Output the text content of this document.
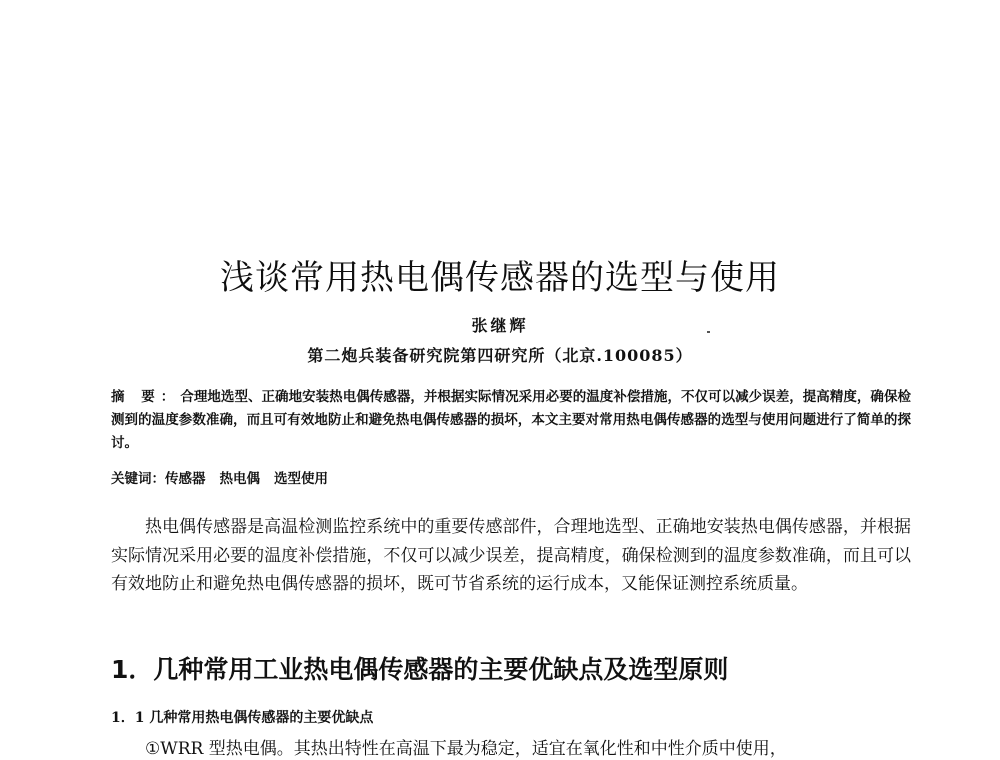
浅谈常用热电偶传感器的选型与使用
张继辉
第二炮兵装备研究院第四研究所（北京.100085）
摘 要：合理地选型、正确地安装热电偶传感器，并根据实际情况采用必要的温度补偿措施，不仅可以减少误差，提高精度，确保检测到的温度参数准确，而且可有效地防止和避免热电偶传感器的损坏，本文主要对常用热电偶传感器的选型与使用问题进行了简单的探讨。
关键词：传感器 热电偶 选型使用
热电偶传感器是高温检测监控系统中的重要传感部件，合理地选型、正确地安装热电偶传感器，并根据实际情况采用必要的温度补偿措施，不仅可以减少误差，提高精度，确保检测到的温度参数准确，而且可以有效地防止和避免热电偶传感器的损坏，既可节省系统的运行成本，又能保证测控系统质量。
1．几种常用工业热电偶传感器的主要优缺点及选型原则
1．1 几种常用热电偶传感器的主要优缺点
①WRR 型热电偶。其热出特性在高温下最为稳定，适宜在氧化性和中性介质中使用，
